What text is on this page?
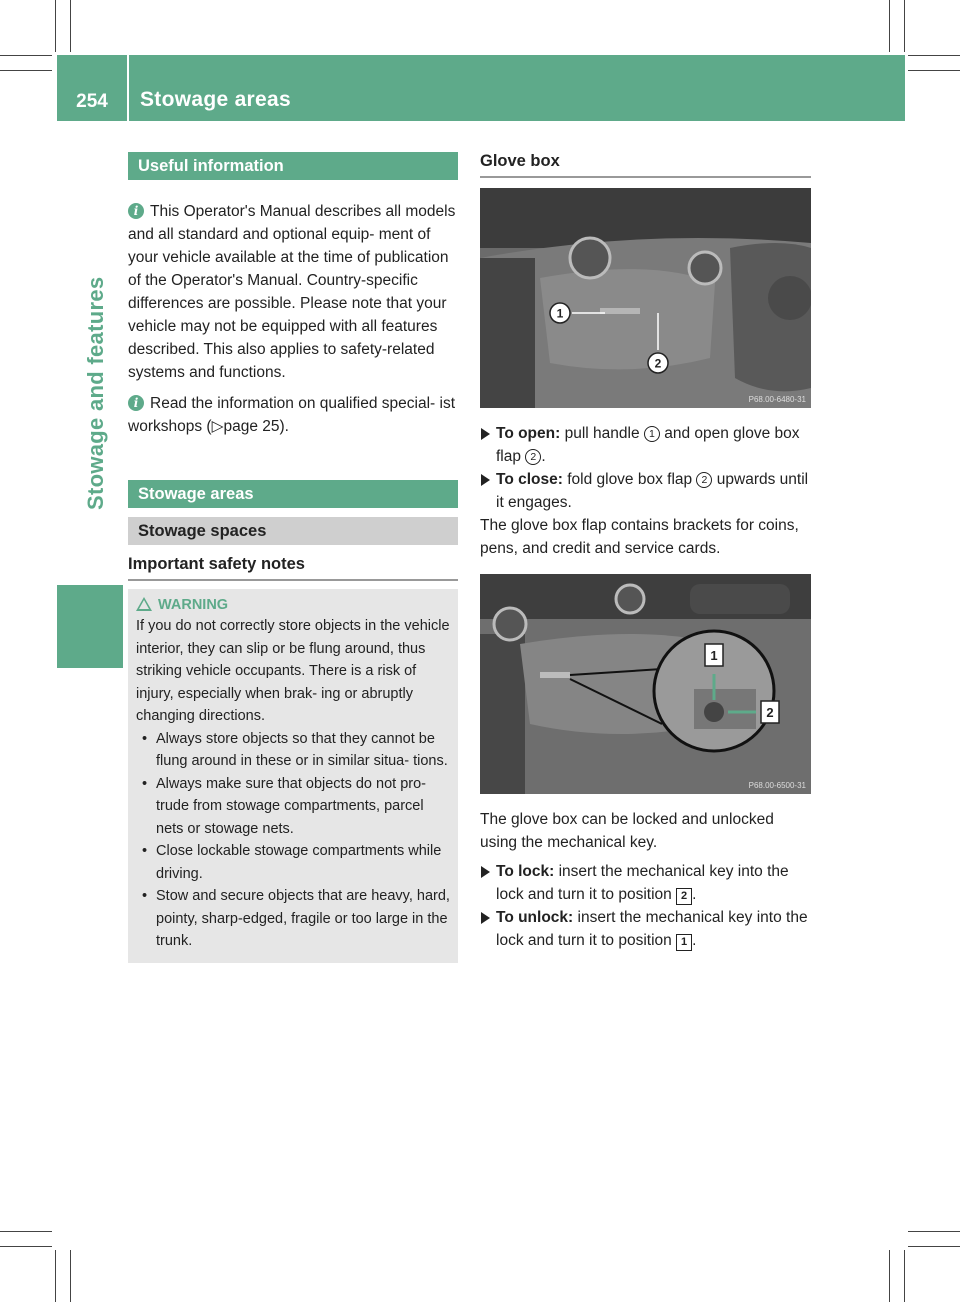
254	Stowage areas
Stowage and features
Useful information

i This Operator's Manual describes all models and all standard and optional equip- ment of your vehicle available at the time of publication of the Operator's Manual. Country-specific differences are possible. Please note that your vehicle may not be equipped with all features described. This also applies to safety-related systems and functions.

i Read the information on qualified special- ist workshops (▷page 25).

Stowage areas
Stowage spaces
Important safety notes
WARNING

If you do not correctly store objects in the vehicle interior, they can slip or be flung around, thus striking vehicle occupants. There is a risk of injury, especially when brak- ing or abruptly changing directions.

• Always store objects so that they cannot be flung around in these or in similar situa- tions.
• Always make sure that objects do not pro- trude from stowage compartments, parcel nets or stowage nets.
• Close lockable stowage compartments while driving.
• Stow and secure objects that are heavy, hard, pointy, sharp-edged, fragile or too large in the trunk.
Glove box
1
2
P68.00-6480-31

To open: pull handle 1 and open glove box flap 2 .

To close: fold glove box flap 2 upwards until it engages.

The glove box flap contains brackets for coins, pens, and credit and service cards.

1
2
P68.00-6500-31

The glove box can be locked and unlocked using the mechanical key.

To lock: insert the mechanical key into the lock and turn it to position 2 .

To unlock: insert the mechanical key into the lock and turn it to position 1 .
